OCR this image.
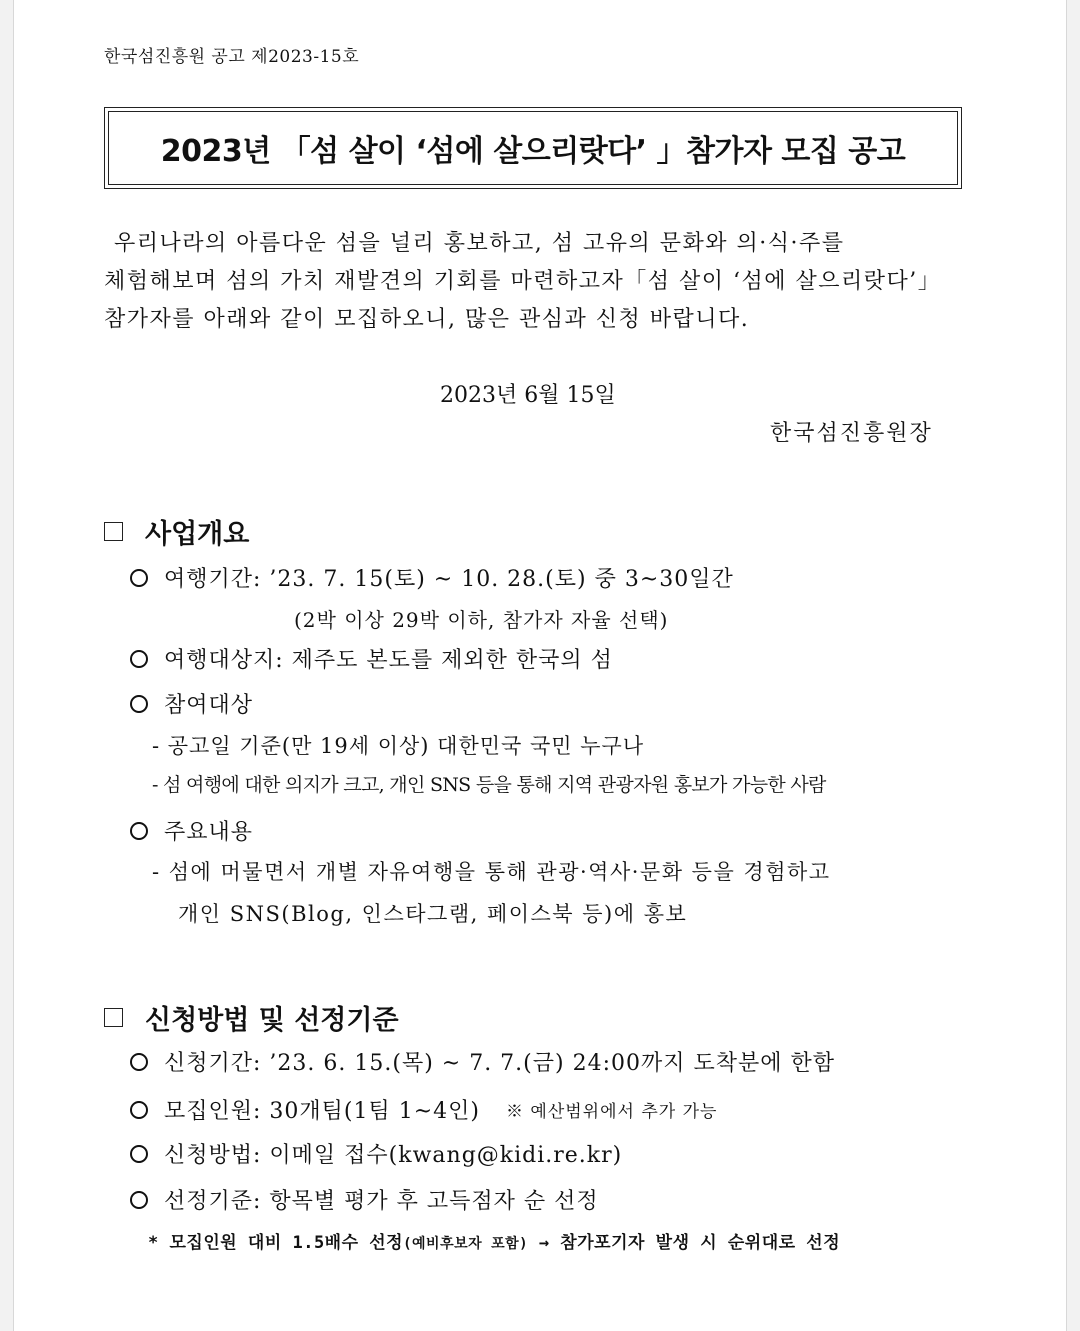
한국섬진흥원 공고 제2023-15호
2023년 「섬 살이 ‘섬에 살으리랏다’ 」참가자 모집 공고
우리나라의 아름다운 섬을 널리 홍보하고, 섬 고유의 문화와 의·식·주를
체험해보며 섬의 가치 재발견의 기회를 마련하고자「섬 살이 ‘섬에 살으리랏다’」
참가자를 아래와 같이 모집하오니, 많은 관심과 신청 바랍니다.
2023년 6월 15일
한국섬진흥원장
사업개요
여행기간: ’23. 7. 15(토) ~ 10. 28.(토) 중 3~30일간
(2박 이상 29박 이하, 참가자 자율 선택)
여행대상지: 제주도 본도를 제외한 한국의 섬
참여대상
- 공고일 기준(만 19세 이상) 대한민국 국민 누구나
- 섬 여행에 대한 의지가 크고, 개인 SNS 등을 통해 지역 관광자원 홍보가 가능한 사람
주요내용
- 섬에 머물면서 개별 자유여행을 통해 관광·역사·문화 등을 경험하고
개인 SNS(Blog, 인스타그램, 페이스북 등)에 홍보
신청방법 및 선정기준
신청기간: ’23. 6. 15.(목) ~ 7. 7.(금) 24:00까지 도착분에 한함
모집인원: 30개팀(1팀 1~4인) ※ 예산범위에서 추가 가능
신청방법: 이메일 접수(kwang@kidi.re.kr)
선정기준: 항목별 평가 후 고득점자 순 선정
* 모집인원 대비 1.5배수 선정(예비후보자 포함) → 참가포기자 발생 시 순위대로 선정
